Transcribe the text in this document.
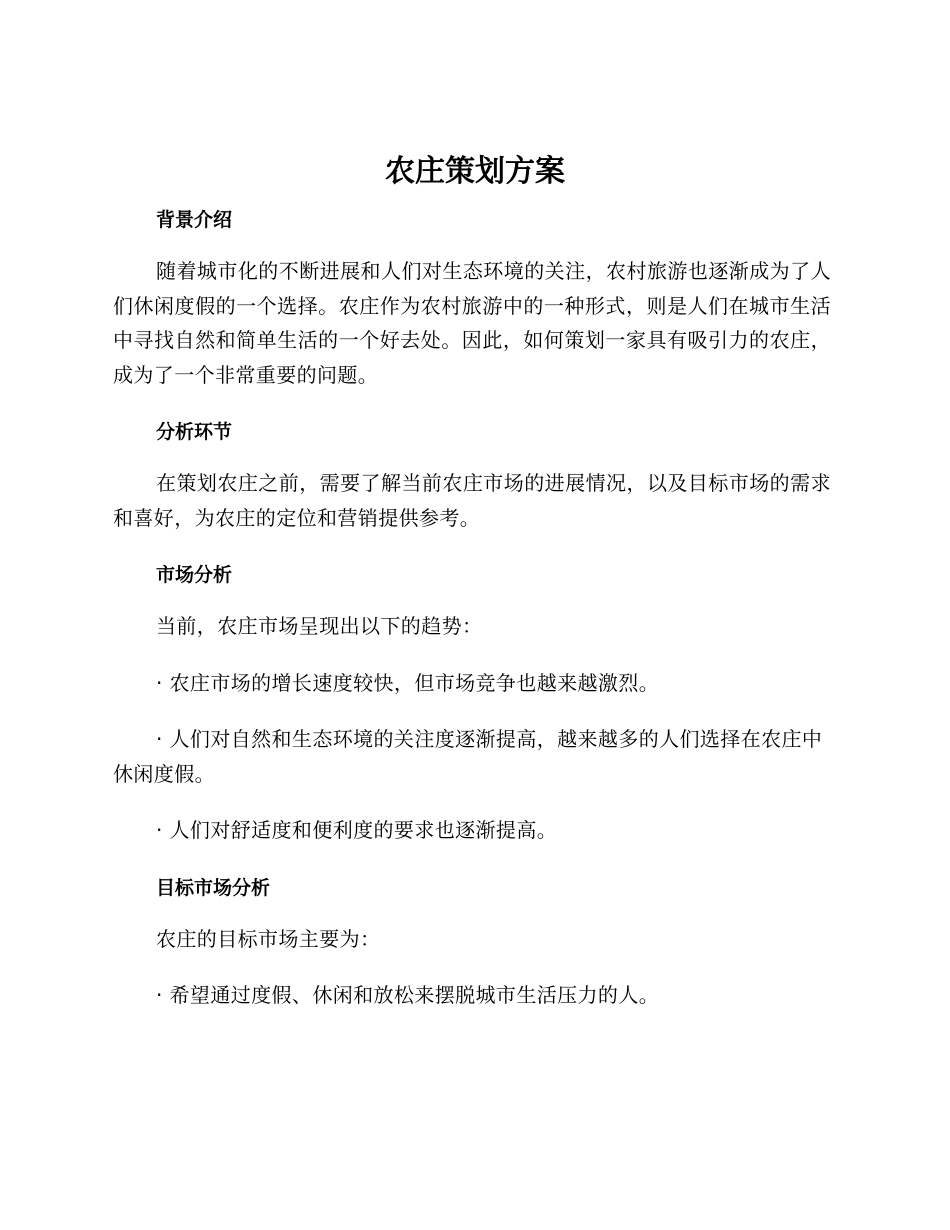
农庄策划方案
背景介绍

随着城市化的不断进展和人们对生态环境的关注，农村旅游也逐渐成为了人们休闲度假的一个选择。农庄作为农村旅游中的一种形式，则是人们在城市生活中寻找自然和简单生活的一个好去处。因此，如何策划一家具有吸引力的农庄，成为了一个非常重要的问题。

分析环节

在策划农庄之前，需要了解当前农庄市场的进展情况，以及目标市场的需求和喜好，为农庄的定位和营销提供参考。

市场分析

当前，农庄市场呈现出以下的趋势：

· 农庄市场的增长速度较快，但市场竞争也越来越激烈。

· 人们对自然和生态环境的关注度逐渐提高，越来越多的人们选择在农庄中休闲度假。

· 人们对舒适度和便利度的要求也逐渐提高。

目标市场分析

农庄的目标市场主要为：

· 希望通过度假、休闲和放松来摆脱城市生活压力的人。
